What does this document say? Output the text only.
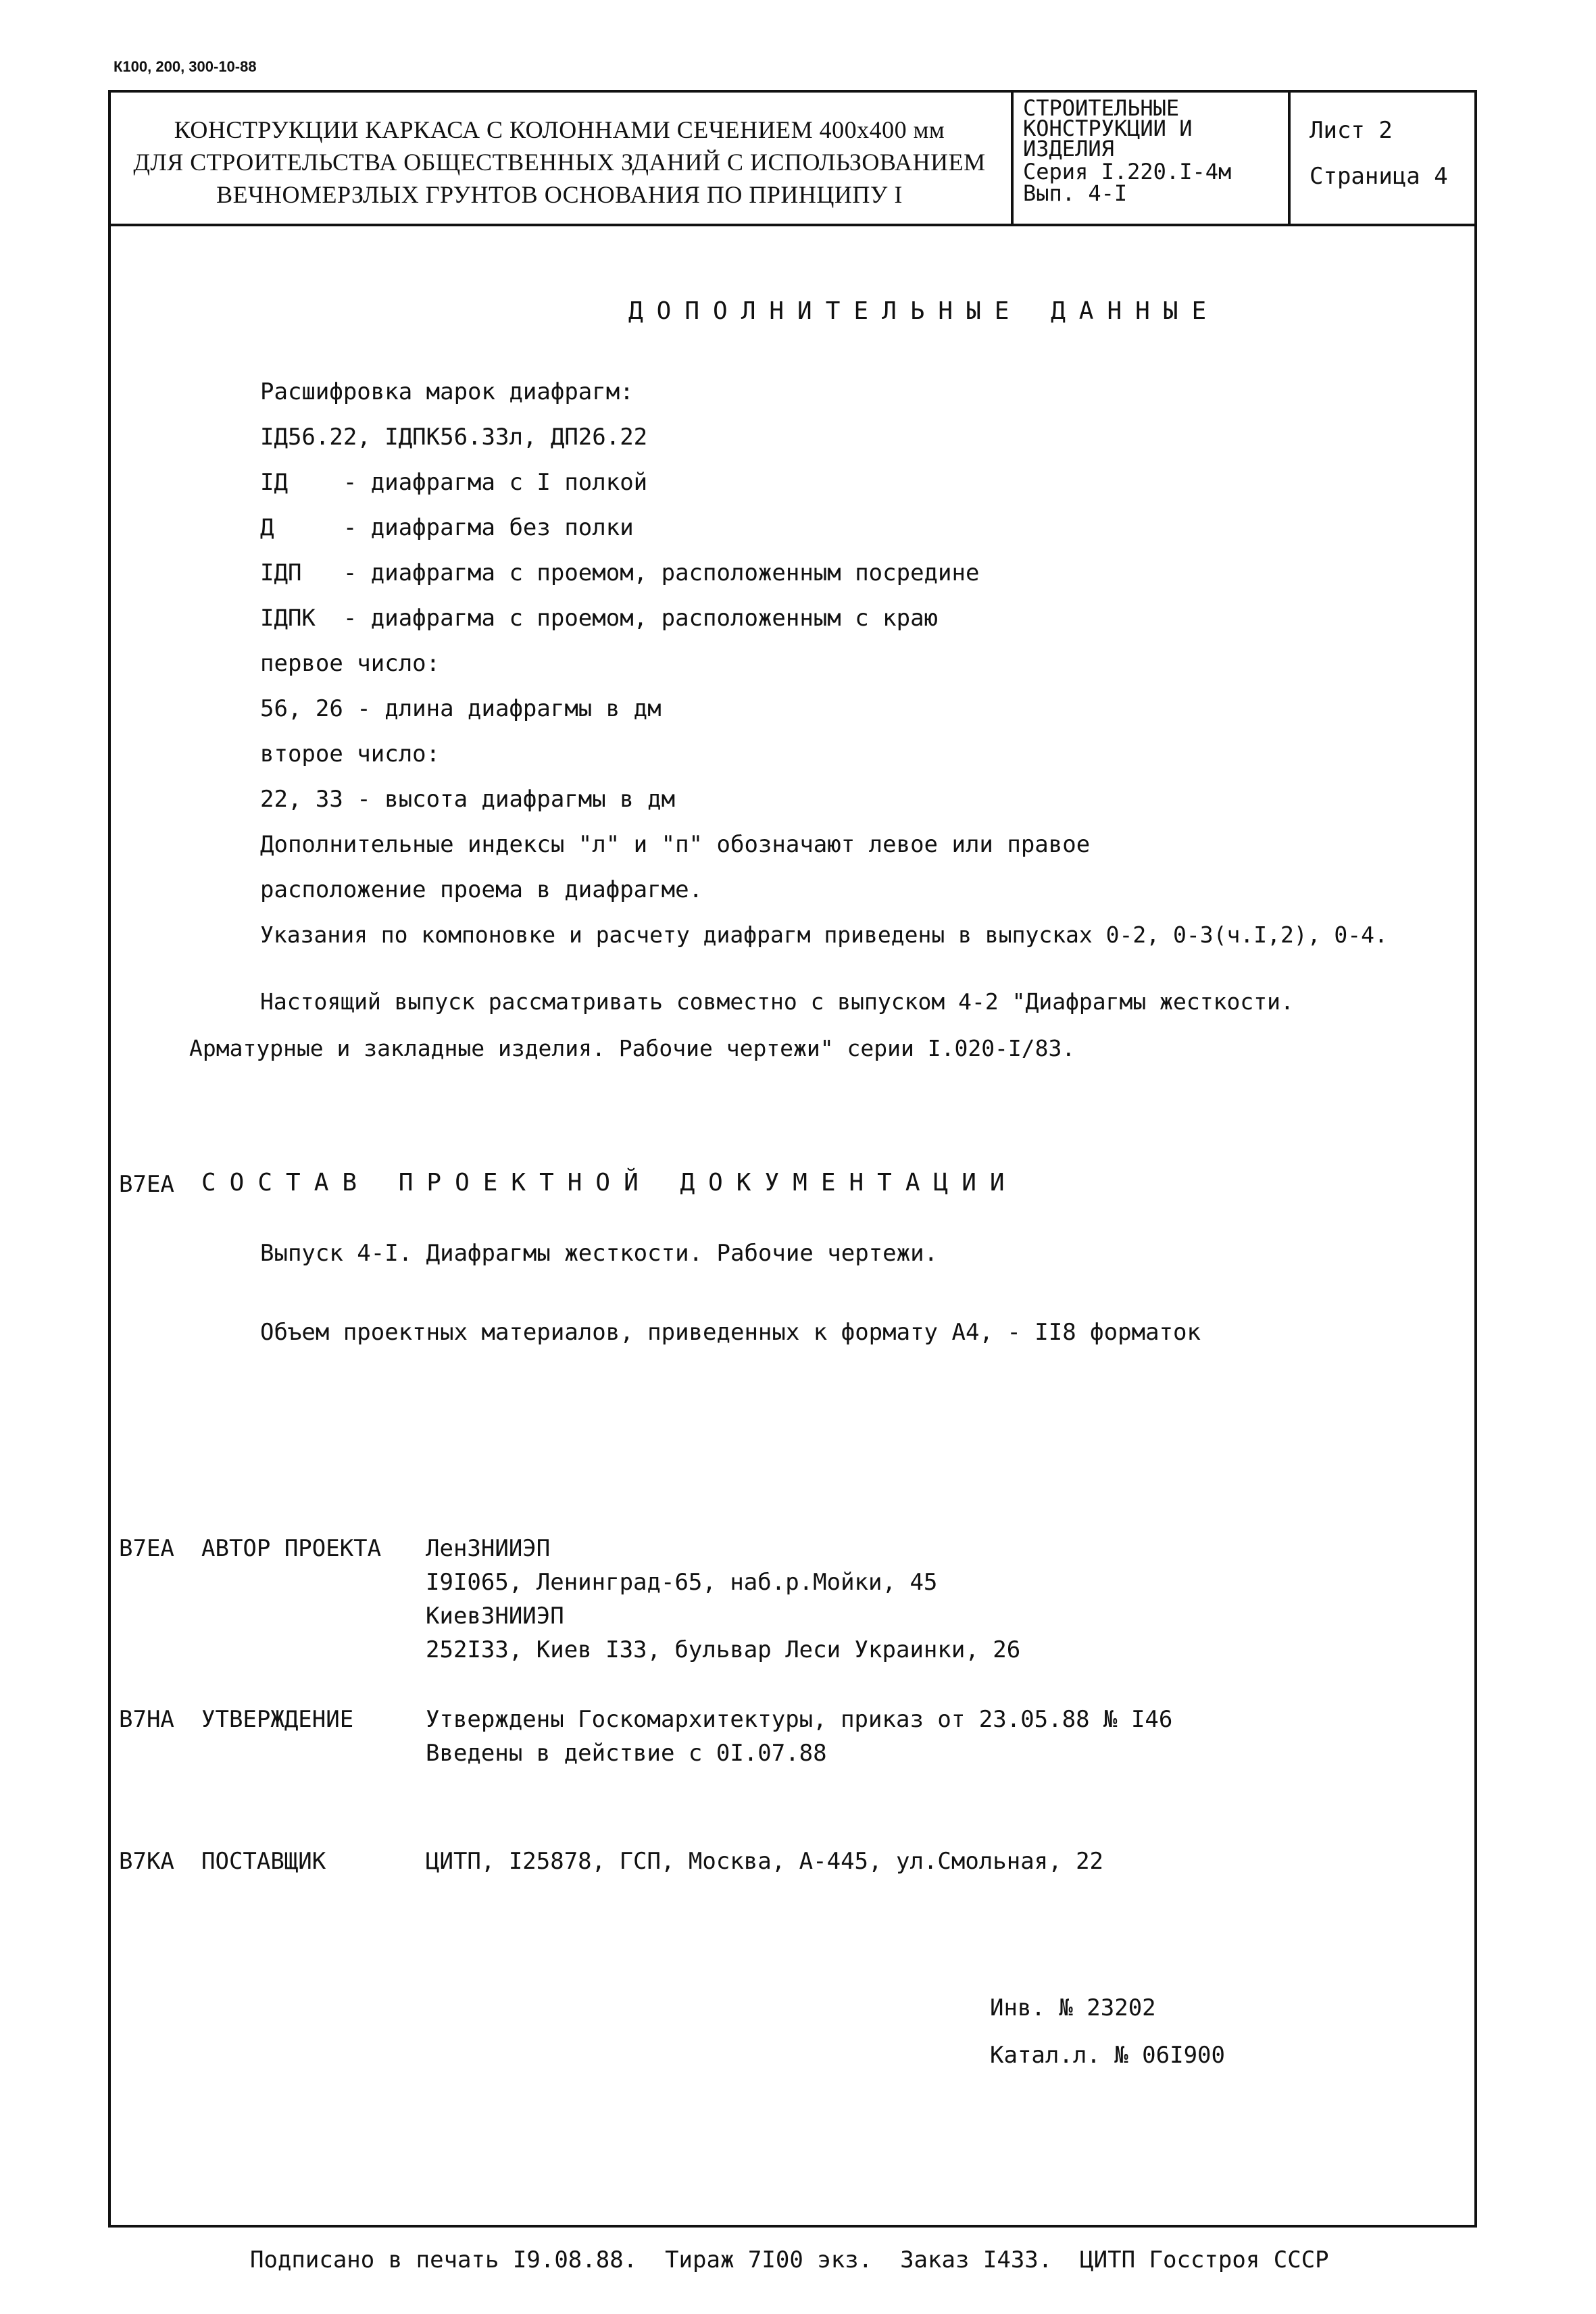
К100, 200, 300-10-88
КОНСТРУКЦИИ КАРКАСА С КОЛОННАМИ СЕЧЕНИЕМ 400х400 мм
ДЛЯ СТРОИТЕЛЬСТВА ОБЩЕСТВЕННЫХ ЗДАНИЙ С ИСПОЛЬЗОВАНИЕМ
ВЕЧНОМЕРЗЛЫХ ГРУНТОВ ОСНОВАНИЯ ПО ПРИНЦИПУ I
СТРОИТЕЛЬНЫЕ
КОНСТРУКЦИИ И
ИЗДЕЛИЯ
Серия I.220.I-4м
Вып. 4-I
Лист 2
Страница 4
ДОПОЛНИТЕЛЬНЫЕ ДАННЫЕ
Расшифровка марок диафрагм:
IД56.22, IДПК56.33л, ДП26.22
IД    - диафрагма с I полкой
Д     - диафрагма без полки
IДП   - диафрагма с проемом, расположенным посредине
IДПК  - диафрагма с проемом, расположенным с краю
первое число:
56, 26 - длина диафрагмы в дм
второе число:
22, 33 - высота диафрагмы в дм
Дополнительные индексы "л" и "п" обозначают левое или правое
расположение проема в диафрагме.
Указания по компоновке и расчету диафрагм приведены в выпусках 0-2, 0-3(ч.I,2), 0-4.
Настоящий выпуск рассматривать совместно с выпуском 4-2 "Диафрагмы жесткости.
Арматурные и закладные изделия. Рабочие чертежи" серии I.020-I/83.
В7ЕА СОСТАВ ПРОЕКТНОЙ ДОКУМЕНТАЦИИ
Выпуск 4-I. Диафрагмы жесткости. Рабочие чертежи.
Объем проектных материалов, приведенных к формату А4, - II8 форматок
В7ЕА АВТОР ПРОЕКТА ЛенЗНИИЭП
I9I065, Ленинград-65, наб.р.Мойки, 45
КиевЗНИИЭП
252I33, Киев I33, бульвар Леси Украинки, 26
В7НА УТВЕРЖДЕНИЕ	Утверждены Госкомархитектуры, приказ от 23.05.88 № I46
Введены в действие с 0I.07.88
В7КА ПОСТАВЩИК	ЦИТП, I25878, ГСП, Москва, А-445, ул.Смольная, 22
Инв. № 23202
Катал.л. № 06I900
Подписано в печать I9.08.88.  Тираж 7I00 экз.  Заказ I433.  ЦИТП Госстроя СССР
